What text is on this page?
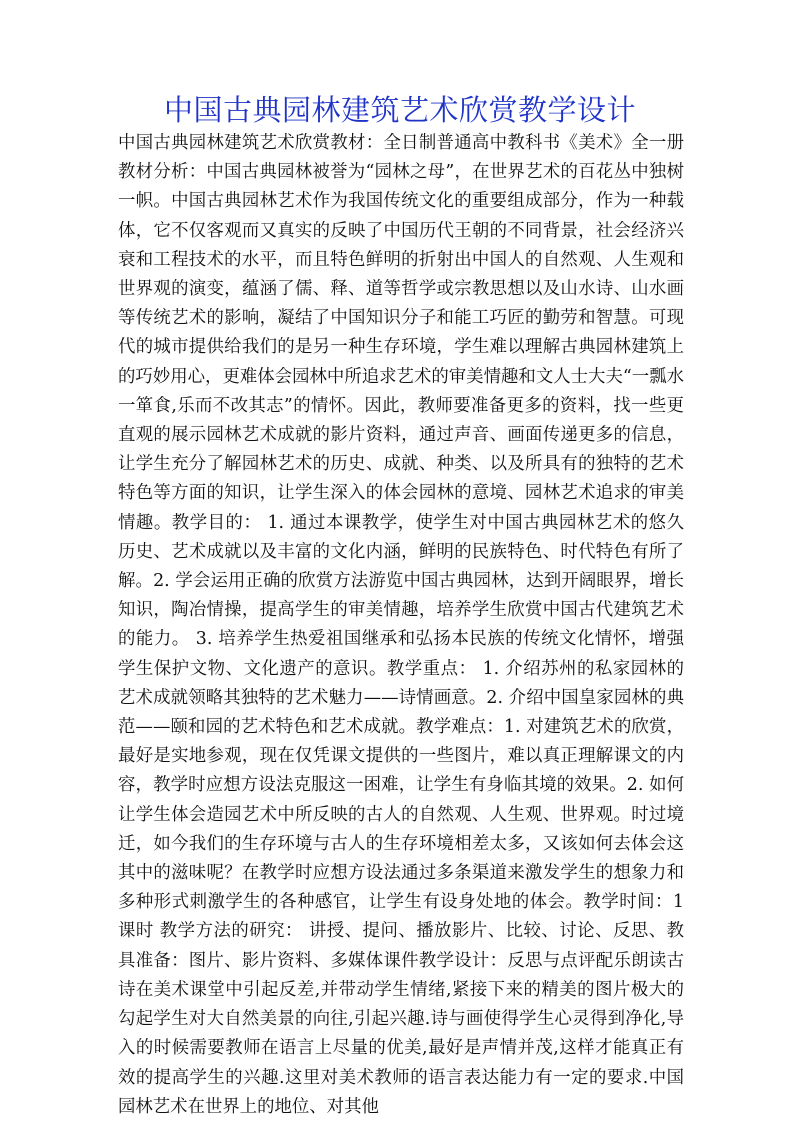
中国古典园林建筑艺术欣赏教学设计

中国古典园林建筑艺术欣赏教材：全日制普通高中教科书《美术》全一册教材分析：中国古典园林被誉为“园林之母”，在世界艺术的百花丛中独树一帜。中国古典园林艺术作为我国传统文化的重要组成部分，作为一种载体，它不仅客观而又真实的反映了中国历代王朝的不同背景，社会经济兴衰和工程技术的水平，而且特色鲜明的折射出中国人的自然观、人生观和世界观的演变，蕴涵了儒、释、道等哲学或宗教思想以及山水诗、山水画等传统艺术的影响，凝结了中国知识分子和能工巧匠的勤劳和智慧。可现代的城市提供给我们的是另一种生存环境，学生难以理解古典园林建筑上的巧妙用心，更难体会园林中所追求艺术的审美情趣和文人士大夫“一瓢水一箪食,乐而不改其志”的情怀。因此，教师要准备更多的资料，找一些更直观的展示园林艺术成就的影片资料，通过声音、画面传递更多的信息，让学生充分了解园林艺术的历史、成就、种类、以及所具有的独特的艺术特色等方面的知识，让学生深入的体会园林的意境、园林艺术追求的审美情趣。教学目的： 1. 通过本课教学，使学生对中国古典园林艺术的悠久历史、艺术成就以及丰富的文化内涵，鲜明的民族特色、时代特色有所了解。2. 学会运用正确的欣赏方法游览中国古典园林，达到开阔眼界，增长知识，陶冶情操，提高学生的审美情趣，培养学生欣赏中国古代建筑艺术的能力。 3. 培养学生热爱祖国继承和弘扬本民族的传统文化情怀，增强学生保护文物、文化遗产的意识。教学重点： 1. 介绍苏州的私家园林的艺术成就领略其独特的艺术魅力——诗情画意。2. 介绍中国皇家园林的典范——颐和园的艺术特色和艺术成就。教学难点：1. 对建筑艺术的欣赏，最好是实地参观，现在仅凭课文提供的一些图片，难以真正理解课文的内容，教学时应想方设法克服这一困难，让学生有身临其境的效果。2. 如何让学生体会造园艺术中所反映的古人的自然观、人生观、世界观。时过境迁，如今我们的生存环境与古人的生存环境相差太多，又该如何去体会这其中的滋味呢？在教学时应想方设法通过多条渠道来激发学生的想象力和多种形式刺激学生的各种感官，让学生有设身处地的体会。教学时间：1课时 教学方法的研究： 讲授、提问、播放影片、比较、讨论、反思、教具准备：图片、影片资料、多媒体课件教学设计：反思与点评配乐朗读古诗在美术课堂中引起反差,并带动学生情绪,紧接下来的精美的图片极大的勾起学生对大自然美景的向往,引起兴趣.诗与画使得学生心灵得到净化,导入的时候需要教师在语言上尽量的优美,最好是声情并茂,这样才能真正有效的提高学生的兴趣.这里对美术教师的语言表达能力有一定的要求.中国园林艺术在世界上的地位、对其他
